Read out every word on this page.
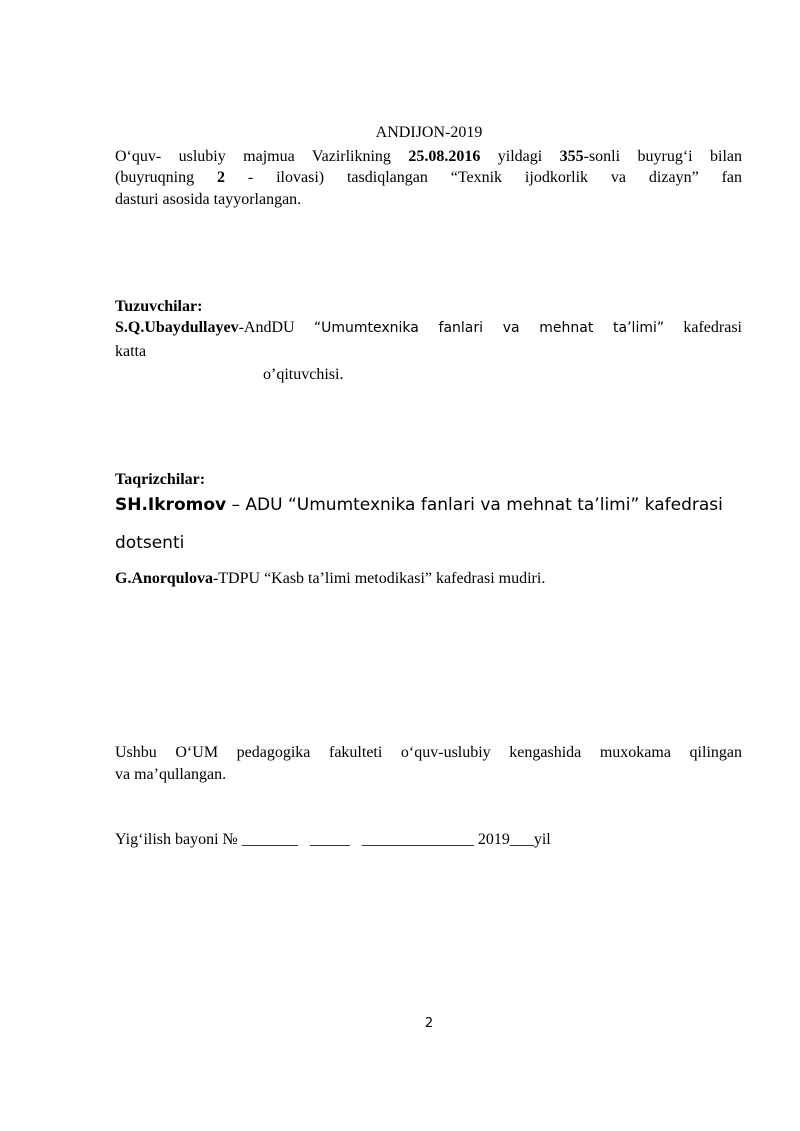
ANDIJON-2019
O‘quv- uslubiy majmua Vazirlikning 25.08.2016 yildagi 355-sonli buyrug‘i bilan
(buyruqning 2 - ilovasi) tasdiqlangan “Texnik ijodkorlik va dizayn” fan
dasturi asosida tayyorlangan.
Tuzuvchilar:
S.Q.Ubaydullayev-AndDU “Umumtexnika fanlari va mehnat ta’limi” kafedrasi
katta
o’qituvchisi.
Taqrizchilar:
SH.Ikromov – ADU “Umumtexnika fanlari va mehnat ta’limi” kafedrasi
dotsenti
G.Anorqulova-TDPU “Kasb ta’limi metodikasi” kafedrasi mudiri.
Ushbu O‘UM pedagogika fakulteti o‘quv-uslubiy kengashida muxokama qilingan
va ma’qullangan.
Yig‘ilish bayoni № _______   _____   ______________ 2019___yil
2
